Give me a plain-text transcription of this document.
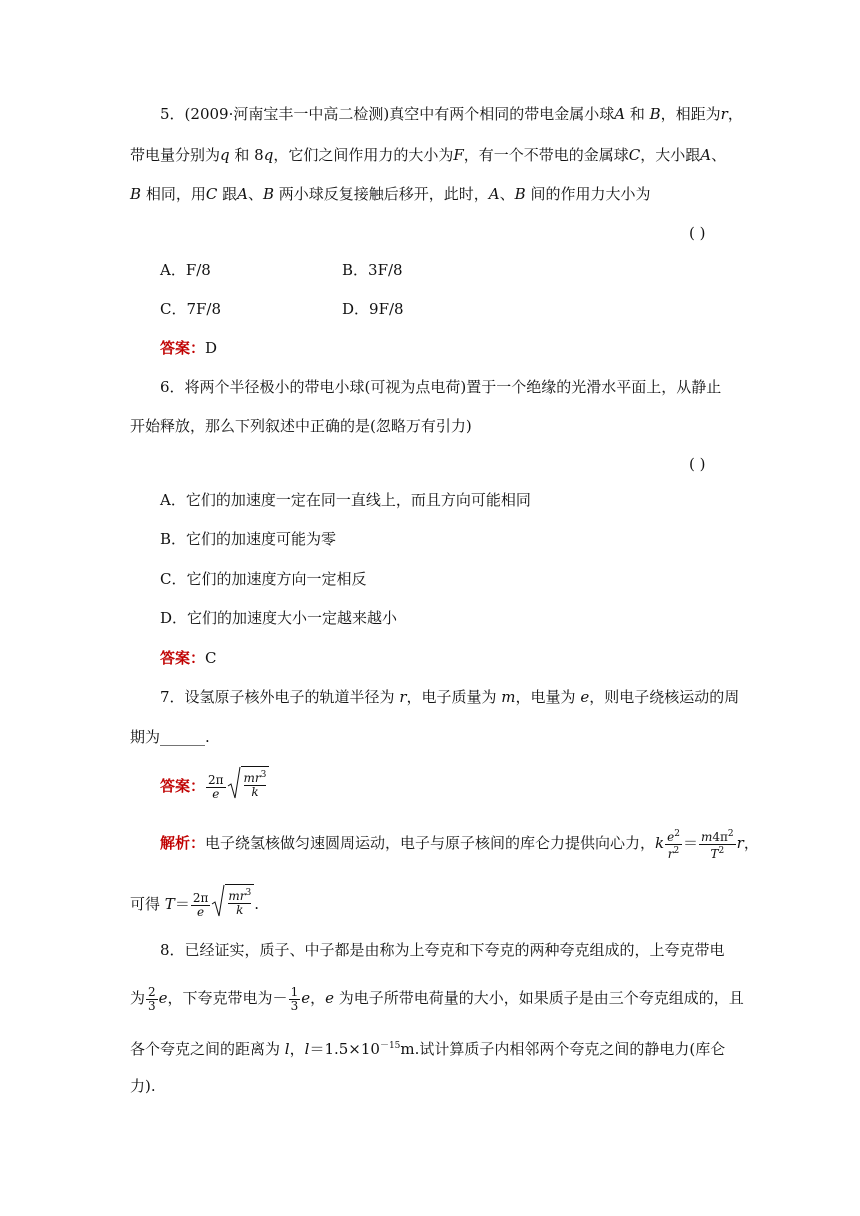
5．(2009·河南宝丰一中高二检测)真空中有两个相同的带电金属小球A 和 B，相距为r，
带电量分别为q 和 8q，它们之间作用力的大小为F，有一个不带电的金属球C，大小跟A、
B 相同，用C 跟A、B 两小球反复接触后移开，此时，A、B 间的作用力大小为
( )
A．F/8	B．3F/8
C．7F/8	D．9F/8
答案：D
6．将两个半径极小的带电小球(可视为点电荷)置于一个绝缘的光滑水平面上，从静止
开始释放，那么下列叙述中正确的是(忽略万有引力)
( )
A．它们的加速度一定在同一直线上，而且方向可能相同
B．它们的加速度可能为零
C．它们的加速度方向一定相反
D．它们的加速度大小一定越来越小
答案：C
7．设氢原子核外电子的轨道半径为 r，电子质量为 m，电量为 e，则电子绕核运动的周
期为______.
答案： $\frac{2\pi}{e} \frac{mr^3}{k}$
解析：电子绕氢核做匀速圆周运动，电子与原子核间的库仑力提供向心力，k $\frac{e^2}{r^2} = \frac{m4\pi^2}{T^2}$ r，
可得 $T= \frac{2\pi}{e} \frac{mr^3}{k}$ .
8．已经证实，质子、中子都是由称为上夸克和下夸克的两种夸克组成的，上夸克带电
为 $\frac{2}{3}$ e，下夸克带电为－ $\frac{1}{3}$ e，e 为电子所带电荷量的大小，如果质子是由三个夸克组成的，且
各个夸克之间的距离为 l，$l=1.5\times 10^{-15}m$.试计算质子内相邻两个夸克之间的静电力(库仑
力).
